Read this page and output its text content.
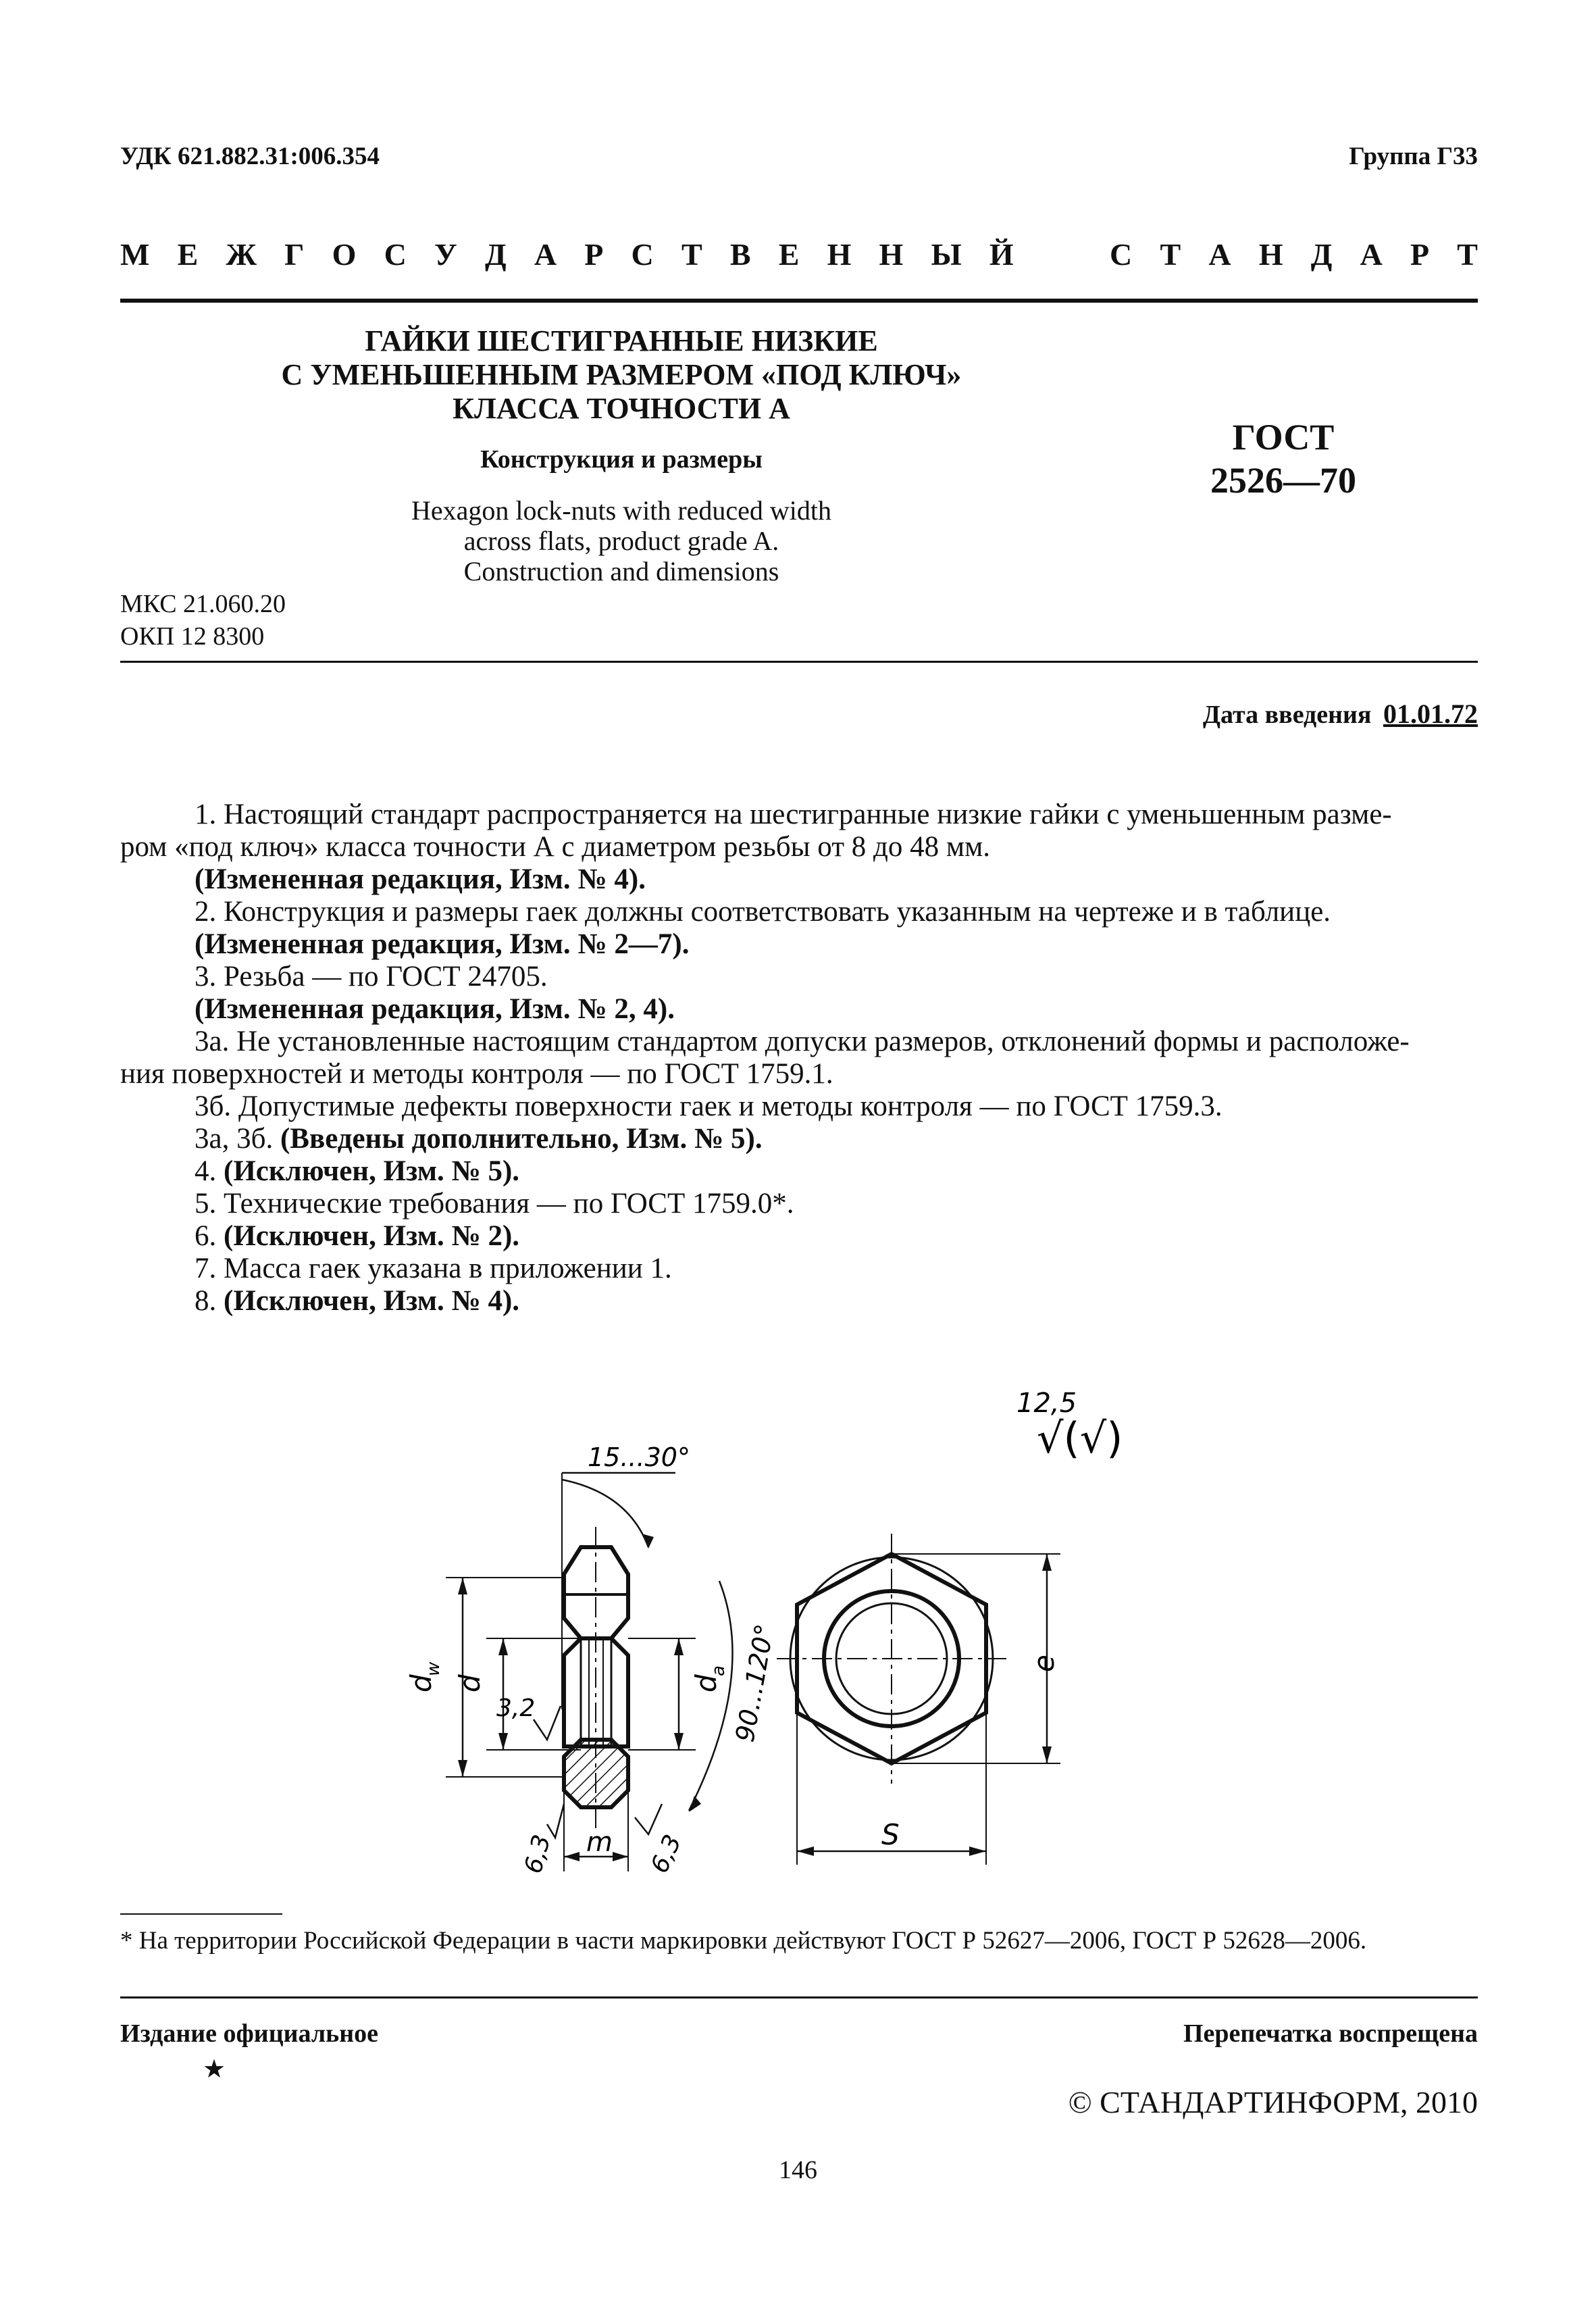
УДК 621.882.31:006.354	Группа Г33
М Е Ж Г О С У Д А Р С Т В Е Н Н Ы Й	С Т А Н Д А Р Т
ГАЙКИ ШЕСТИГРАННЫЕ НИЗКИЕ
С УМЕНЬШЕННЫМ РАЗМЕРОМ «ПОД КЛЮЧ»
КЛАССА ТОЧНОСТИ А
Конструкция и размеры
Hexagon lock-nuts with reduced width
across flats, product grade A.
Construction and dimensions
ГОСТ
2526—70
МКС 21.060.20
ОКП 12 8300
Дата введения 01.01.72
1. Настоящий стандарт распространяется на шестигранные низкие гайки с уменьшенным разме-
ром «под ключ» класса точности А с диаметром резьбы от 8 до 48 мм.
(Измененная редакция, Изм. № 4).
2. Конструкция и размеры гаек должны соответствовать указанным на чертеже и в таблице.
(Измененная редакция, Изм. № 2—7).
3. Резьба — по ГОСТ 24705.
(Измененная редакция, Изм. № 2, 4).
3а. Не установленные настоящим стандартом допуски размеров, отклонений формы и расположе-
ния поверхностей и методы контроля — по ГОСТ 1759.1.
3б. Допустимые дефекты поверхности гаек и методы контроля — по ГОСТ 1759.3.
3а, 3б. (Введены дополнительно, Изм. № 5).
4. (Исключен, Изм. № 5).
5. Технические требования — по ГОСТ 1759.0*.
6. (Исключен, Изм. № 2).
7. Масса гаек указана в приложении 1.
8. (Исключен, Изм. № 4).
12,5
√(√)
15...30°
d
w
d
3,2
d
a 90...120°
m
6,3	6,3
e
S
* На территории Российской Федерации в части маркировки действуют ГОСТ Р 52627—2006, ГОСТ Р 52628—2006.
Издание официальное
★
Перепечатка воспрещена
© СТАНДАРТИНФОРМ, 2010
146
